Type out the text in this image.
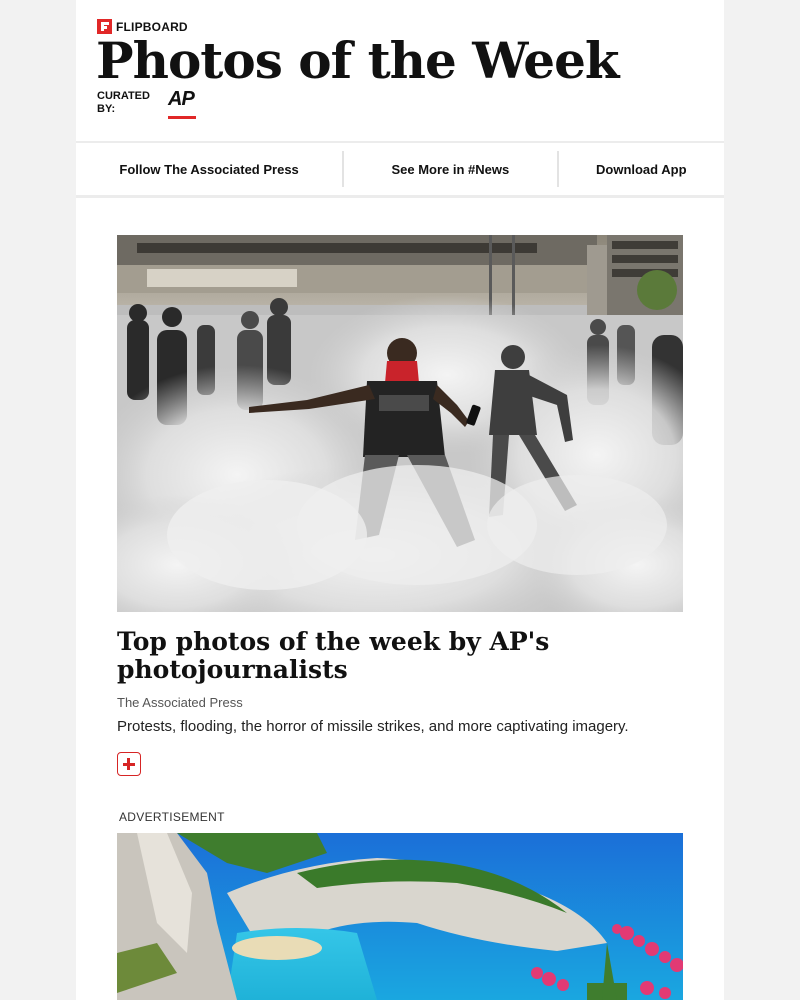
FLIPBOARD
Photos of the Week
CURATED BY:	AP
Follow The Associated Press	See More in #News	Download App
Top photos of the week by AP's photojournalists
The Associated Press
Protests, flooding, the horror of missile strikes, and more captivating imagery.
ADVERTISEMENT
